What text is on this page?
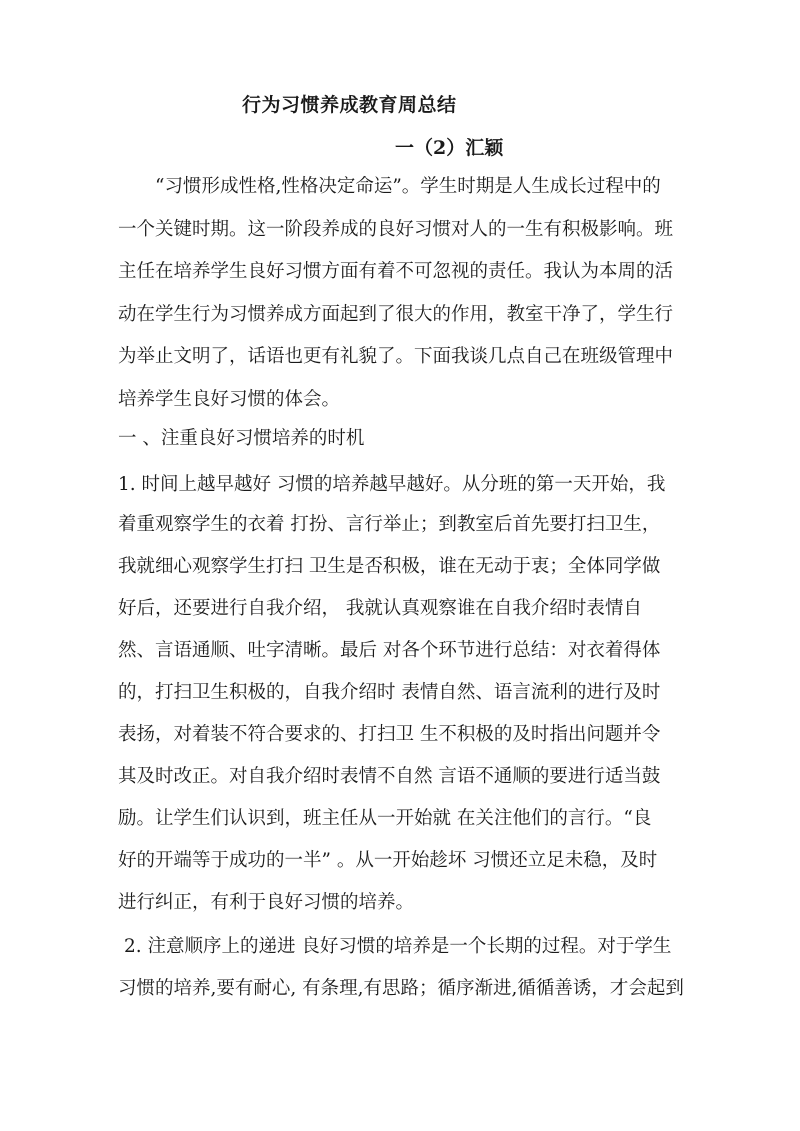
行为习惯养成教育周总结
一（2）汇颖
“习惯形成性格,性格决定命运”。学生时期是人生成长过程中的
一个关键时期。这一阶段养成的良好习惯对人的一生有积极影响。班
主任在培养学生良好习惯方面有着不可忽视的责任。我认为本周的活
动在学生行为习惯养成方面起到了很大的作用，教室干净了，学生行
为举止文明了，话语也更有礼貌了。下面我谈几点自己在班级管理中
培养学生良好习惯的体会。
一 、注重良好习惯培养的时机
1. 时间上越早越好 习惯的培养越早越好。从分班的第一天开始，我
着重观察学生的衣着 打扮、言行举止；到教室后首先要打扫卫生，
我就细心观察学生打扫 卫生是否积极，谁在无动于衷；全体同学做
好后，还要进行自我介绍， 我就认真观察谁在自我介绍时表情自
然、言语通顺、吐字清晰。最后 对各个环节进行总结：对衣着得体
的，打扫卫生积极的，自我介绍时 表情自然、语言流利的进行及时
表扬，对着装不符合要求的、打扫卫 生不积极的及时指出问题并令
其及时改正。对自我介绍时表情不自然 言语不通顺的要进行适当鼓
励。让学生们认识到，班主任从一开始就 在关注他们的言行。“良
好的开端等于成功的一半” 。从一开始趁坏 习惯还立足未稳，及时
进行纠正，有利于良好习惯的培养。
2. 注意顺序上的递进 良好习惯的培养是一个长期的过程。对于学生
习惯的培养,要有耐心, 有条理,有思路；循序渐进,循循善诱，才会起到
